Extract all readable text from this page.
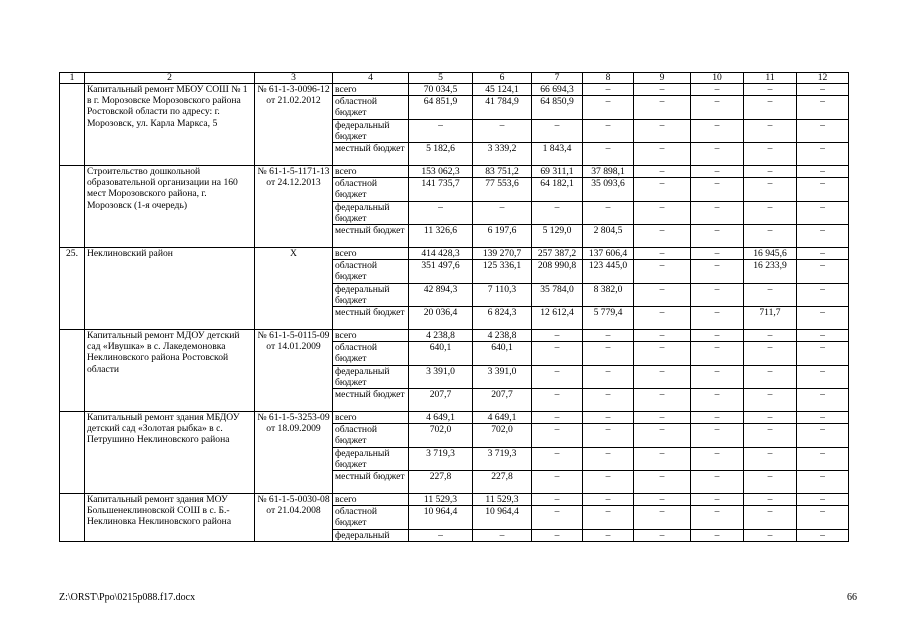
1	2	3	4	5	6	7	8	9	10	11	12
	Капитальный ремонт МБОУ СОШ № 1 в г. Морозовске Морозовского района Ростовской области по адресу: г. Морозовск, ул. Карла Маркса, 5	№ 61-1-3-0096-12 от 21.02.2012	всего	70 034,5	45 124,1	66 694,3	–	–	–	–	–
			областной бюджет	64 851,9	41 784,9	64 850,9	–	–	–	–	–
			федеральный бюджет	–	–	–	–	–	–	–	–
			местный бюджет	5 182,6	3 339,2	1 843,4	–	–	–	–	–
	Строительство дошкольной образовательной организации на 160 мест Морозовского района, г. Морозовск (1-я очередь)	№ 61-1-5-1171-13 от 24.12.2013	всего	153 062,3	83 751,2	69 311,1	37 898,1	–	–	–	–
			областной бюджет	141 735,7	77 553,6	64 182,1	35 093,6	–	–	–	–
			федеральный бюджет	–	–	–	–	–	–	–	–
			местный бюджет	11 326,6	6 197,6	5 129,0	2 804,5	–	–	–	–
25.	Неклиновский район	Х	всего	414 428,3	139 270,7	257 387,2	137 606,4	–	–	16 945,6	–
			областной бюджет	351 497,6	125 336,1	208 990,8	123 445,0	–	–	16 233,9	–
			федеральный бюджет	42 894,3	7 110,3	35 784,0	8 382,0	–	–	–	–
			местный бюджет	20 036,4	6 824,3	12 612,4	5 779,4	–	–	711,7	–
	Капитальный ремонт МДОУ детский сад «Ивушка» в с. Лакедемоновка Неклиновского района Ростовской области	№ 61-1-5-0115-09 от 14.01.2009	всего	4 238,8	4 238,8	–	–	–	–	–	–
			областной бюджет	640,1	640,1	–	–	–	–	–	–
			федеральный бюджет	3 391,0	3 391,0	–	–	–	–	–	–
			местный бюджет	207,7	207,7	–	–	–	–	–	–
	Капитальный ремонт здания МБДОУ детский сад «Золотая рыбка» в с. Петрушино Неклиновского района	№ 61-1-5-3253-09 от 18.09.2009	всего	4 649,1	4 649,1	–	–	–	–	–	–
			областной бюджет	702,0	702,0	–	–	–	–	–	–
			федеральный бюджет	3 719,3	3 719,3	–	–	–	–	–	–
			местный бюджет	227,8	227,8	–	–	–	–	–	–
	Капитальный ремонт здания МОУ Большенеклиновской СОШ в с. Б.-Неклиновка Неклиновского района	№ 61-1-5-0030-08 от 21.04.2008	всего	11 529,3	11 529,3	–	–	–	–	–	–
			областной бюджет	10 964,4	10 964,4	–	–	–	–	–	–
			федеральный	–	–	–	–	–	–	–	–
Z:\ORST\Ppo\0215p088.f17.docx	66
